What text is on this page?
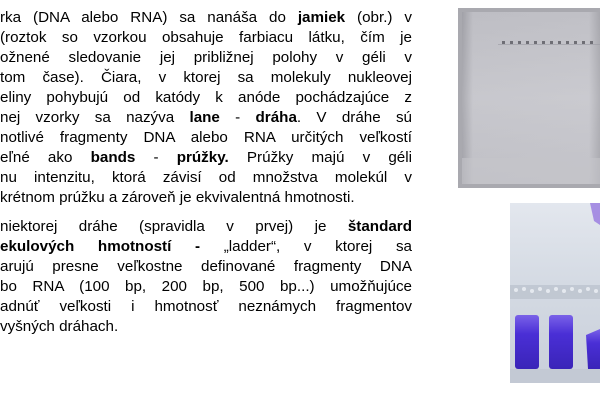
rka (DNA alebo RNA) sa nanáša do jamiek (obr.) v
(roztok so vzorkou obsahuje farbiacu látku, čím je
ožnené sledovanie jej približnej polohy v géli v
tom čase). Čiara, v ktorej sa molekuly nukleovej
eliny pohybujú od katódy k anóde pochádzajúce z
nej vzorky sa nazýva lane - dráha. V dráhe sú
notlivé fragmenty DNA alebo RNA určitých veľkostí
eľné ako bands - prúžky. Prúžky majú v géli
nu intenzitu, ktorá závisí od množstva molekúl v
krétnom prúžku a zároveň je ekvivalentná hmotnosti.

niektorej dráhe (spravidla v prvej) je štandard
ekulových hmotností - „ladder“, v ktorej sa
arujú presne veľkostne definované fragmenty DNA
bo RNA (100 bp, 200 bp, 500 bp...) umožňujúce
adnúť veľkosti i hmotnosť neznámych fragmentov
vyšných dráhach.
